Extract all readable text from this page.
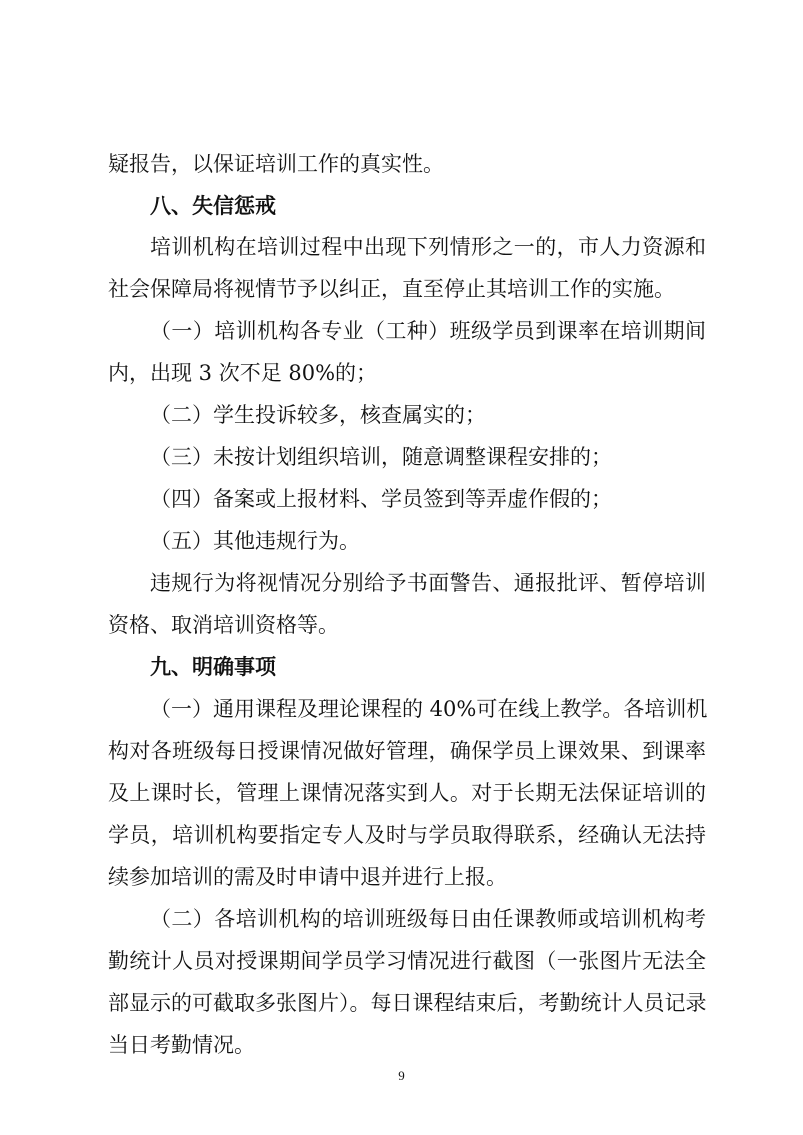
疑报告，以保证培训工作的真实性。
八、失信惩戒
培训机构在培训过程中出现下列情形之一的，市人力资源和
社会保障局将视情节予以纠正，直至停止其培训工作的实施。
（一）培训机构各专业（工种）班级学员到课率在培训期间
内，出现 3 次不足 80%的；
（二）学生投诉较多，核查属实的；
（三）未按计划组织培训，随意调整课程安排的；
（四）备案或上报材料、学员签到等弄虚作假的；
（五）其他违规行为。
违规行为将视情况分别给予书面警告、通报批评、暂停培训
资格、取消培训资格等。
九、明确事项
（一）通用课程及理论课程的 40%可在线上教学。各培训机
构对各班级每日授课情况做好管理，确保学员上课效果、到课率
及上课时长，管理上课情况落实到人。对于长期无法保证培训的
学员，培训机构要指定专人及时与学员取得联系，经确认无法持
续参加培训的需及时申请中退并进行上报。
（二）各培训机构的培训班级每日由任课教师或培训机构考
勤统计人员对授课期间学员学习情况进行截图（一张图片无法全
部显示的可截取多张图片）。每日课程结束后，考勤统计人员记录
当日考勤情况。
9
